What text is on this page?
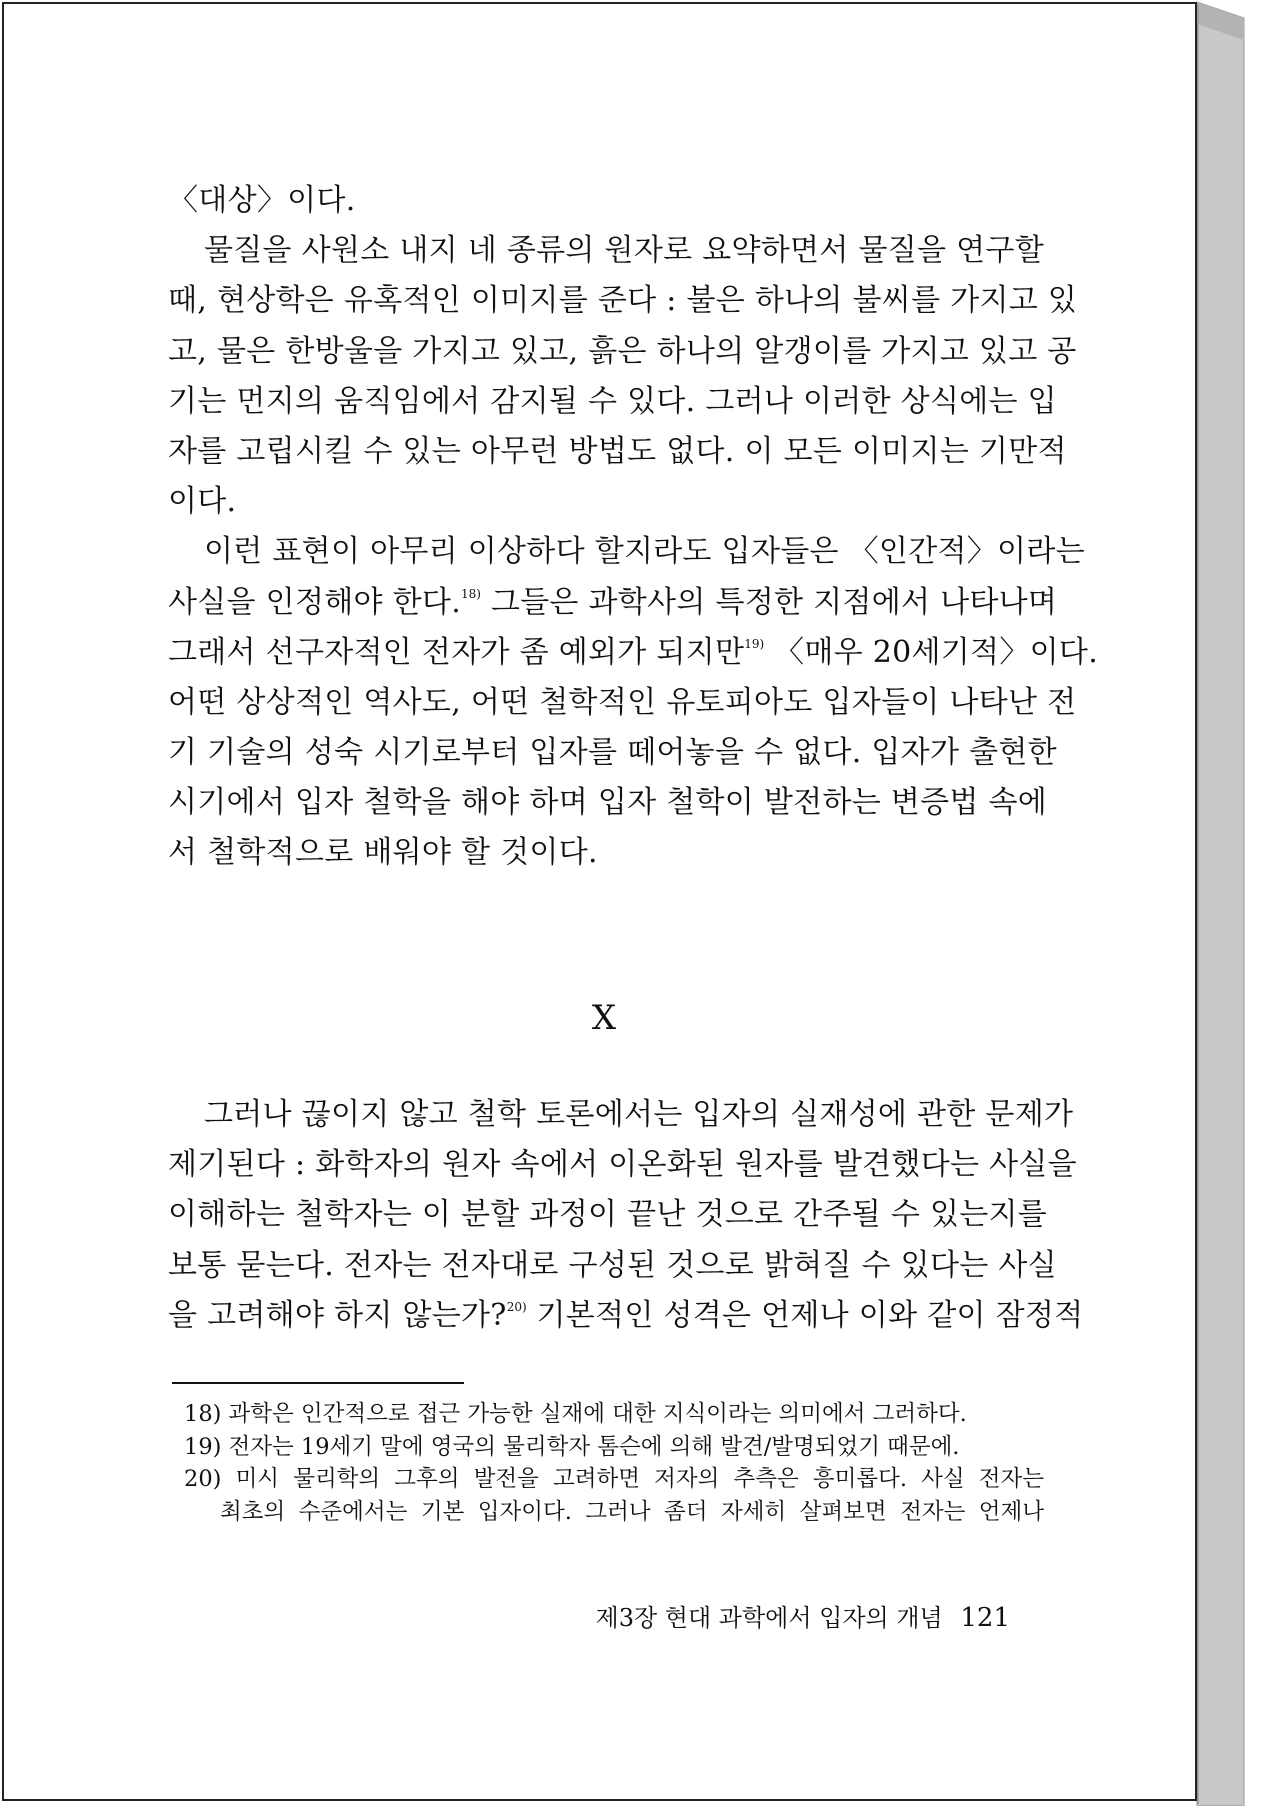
〈대상〉이다.
물질을 사원소 내지 네 종류의 원자로 요약하면서 물질을 연구할
때, 현상학은 유혹적인 이미지를 준다 : 불은 하나의 불씨를 가지고 있
고, 물은 한방울을 가지고 있고, 흙은 하나의 알갱이를 가지고 있고 공
기는 먼지의 움직임에서 감지될 수 있다. 그러나 이러한 상식에는 입
자를 고립시킬 수 있는 아무런 방법도 없다. 이 모든 이미지는 기만적
이다.
이런 표현이 아무리 이상하다 할지라도 입자들은 〈인간적〉이라는
사실을 인정해야 한다.$^{18)}$ 그들은 과학사의 특정한 지점에서 나타나며
그래서 선구자적인 전자가 좀 예외가 되지만$^{19)}$ 〈매우 20세기적〉이다.
어떤 상상적인 역사도, 어떤 철학적인 유토피아도 입자들이 나타난 전
기 기술의 성숙 시기로부터 입자를 떼어놓을 수 없다. 입자가 출현한
시기에서 입자 철학을 해야 하며 입자 철학이 발전하는 변증법 속에
서 철학적으로 배워야 할 것이다.
X
그러나 끊이지 않고 철학 토론에서는 입자의 실재성에 관한 문제가
제기된다 : 화학자의 원자 속에서 이온화된 원자를 발견했다는 사실을
이해하는 철학자는 이 분할 과정이 끝난 것으로 간주될 수 있는지를
보통 묻는다. 전자는 전자대로 구성된 것으로 밝혀질 수 있다는 사실
을 고려해야 하지 않는가?$^{20)}$ 기본적인 성격은 언제나 이와 같이 잠정적
18) 과학은 인간적으로 접근 가능한 실재에 대한 지식이라는 의미에서 그러하다.
19) 전자는 19세기 말에 영국의 물리학자 톰슨에 의해 발견/발명되었기 때문에.
20) 미시 물리학의 그후의 발전을 고려하면 저자의 추측은 흥미롭다. 사실 전자는
최초의 수준에서는 기본 입자이다. 그러나 좀더 자세히 살펴보면 전자는 언제나
제3장 현대 과학에서 입자의 개념 121
